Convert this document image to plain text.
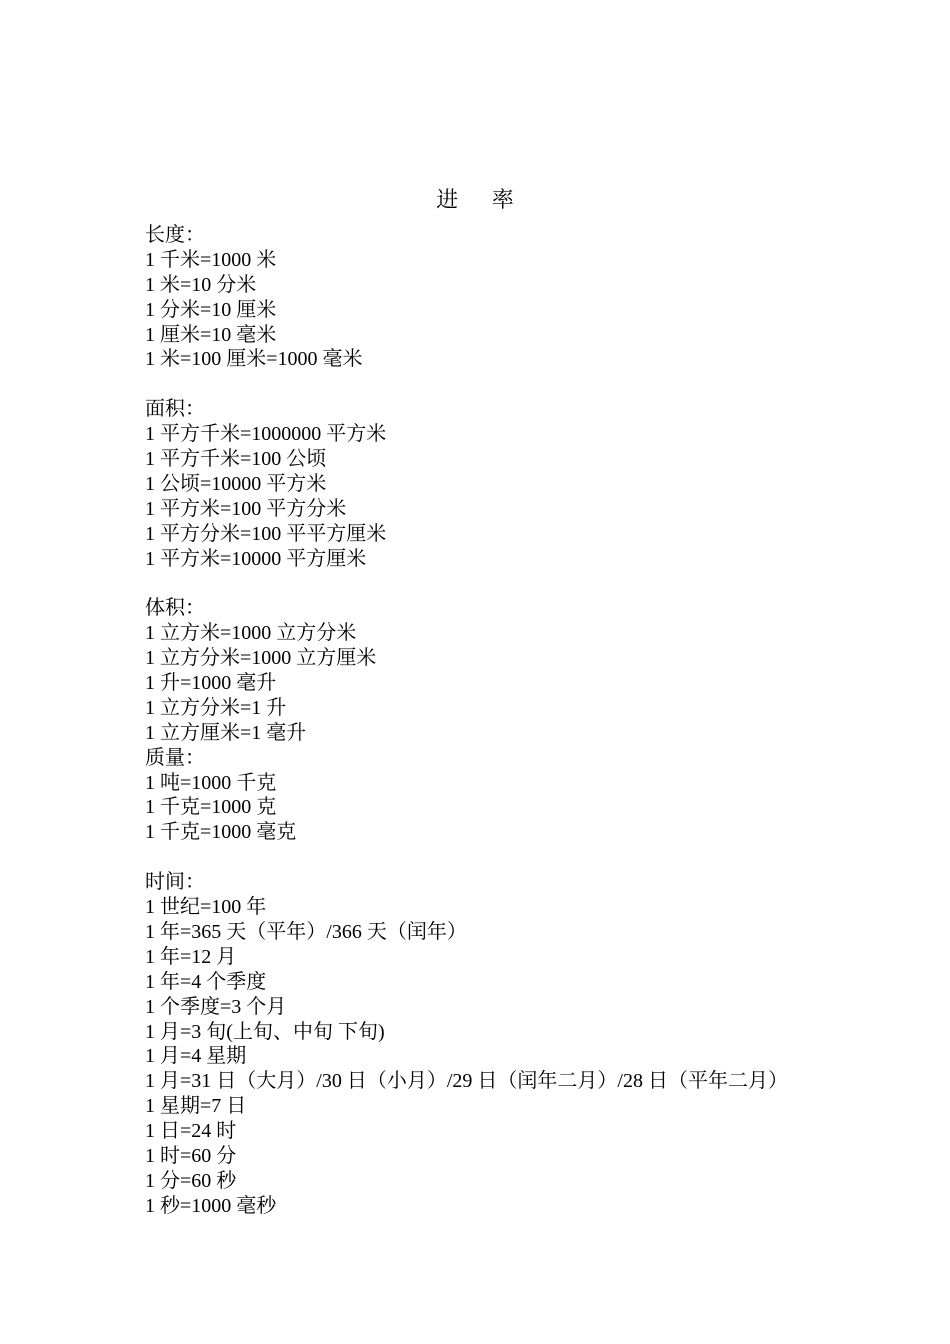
进 率
长度：
1 千米=1000 米
1 米=10 分米
1 分米=10 厘米
1 厘米=10 毫米
1 米=100 厘米=1000 毫米
面积：
1 平方千米=1000000 平方米
1 平方千米=100 公顷
1 公顷=10000 平方米
1 平方米=100 平方分米
1 平方分米=100 平平方厘米
1 平方米=10000 平方厘米
体积：
1 立方米=1000 立方分米
1 立方分米=1000 立方厘米
1 升=1000 毫升
1 立方分米=1 升
1 立方厘米=1 毫升
质量：
1 吨=1000 千克
1 千克=1000 克
1 千克=1000 毫克
时间：
1 世纪=100 年
1 年=365 天（平年）/366 天（闰年）
1 年=12 月
1 年=4 个季度
1 个季度=3 个月
1 月=3 旬(上旬、中旬 下旬)
1 月=4 星期
1 月=31 日（大月）/30 日（小月）/29 日（闰年二月）/28 日（平年二月）
1 星期=7 日
1 日=24 时
1 时=60 分
1 分=60 秒
1 秒=1000 毫秒
